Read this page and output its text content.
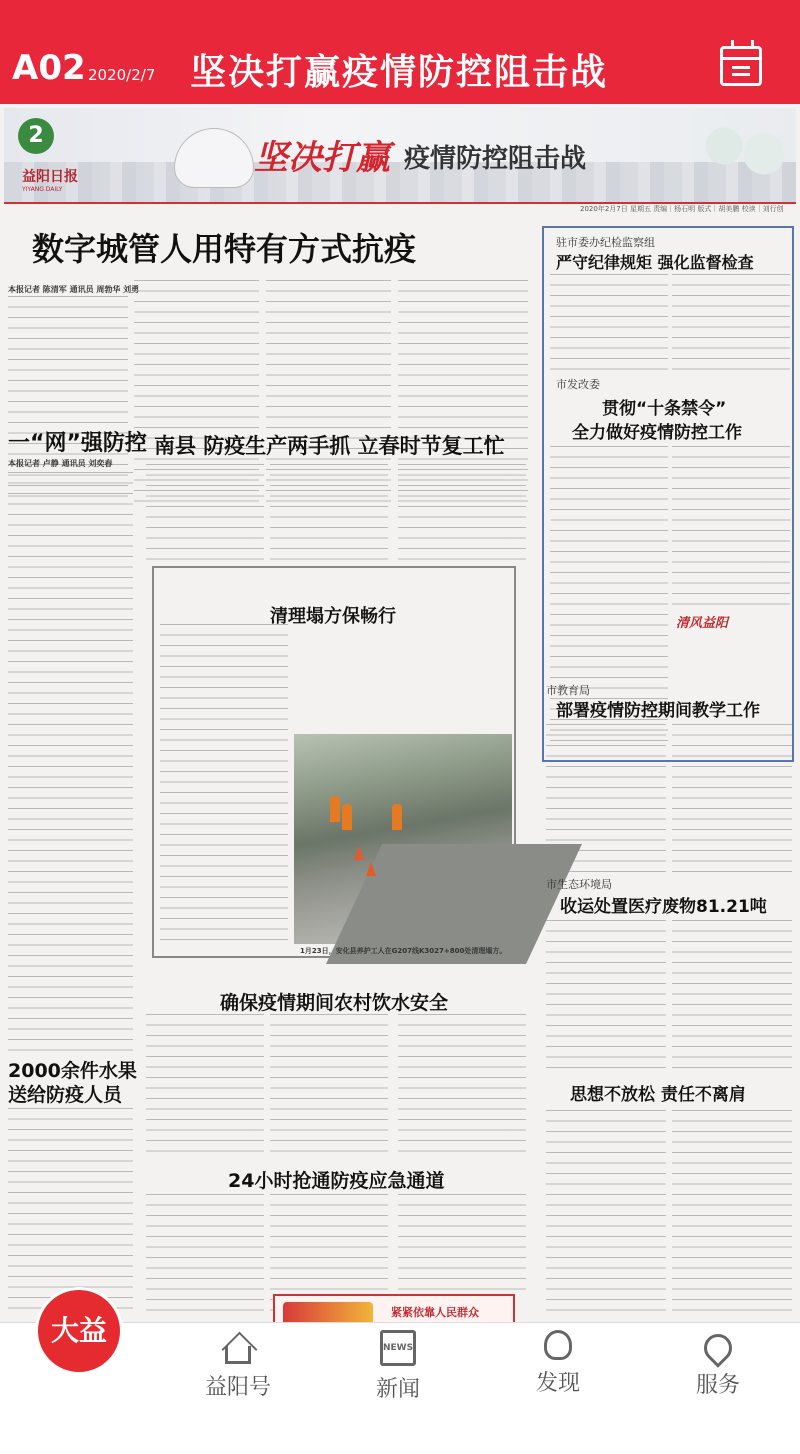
A02 2020/2/7 坚决打赢疫情防控阻击战
2
益阳日报
YIYANG DAILY
坚决打赢 疫情防控阻击战
2020年2月7日 星期五 责编｜杨石明 版式｜胡美鹏 校读｜刘行创
数字城管人用特有方式抗疫
本报记者 陈清军 通讯员 周勃华 刘勇
一“网”强防控
本报记者 卢静 通讯员 刘奕舂
2000余件水果
送给防疫人员
南县 防疫生产两手抓 立春时节复工忙
清理塌方保畅行
1月23日，安化县养护工人在G207线K3027+800处清理塌方。
确保疫情期间农村饮水安全
24小时抢通防疫应急通道
紧紧依靠人民群众
驻市委办纪检监察组
严守纪律规矩 强化监督检查
市发改委
贯彻“十条禁令”
全力做好疫情防控工作
清风益阳
市教育局
部署疫情防控期间教学工作
市生态环境局
收运处置医疗废物81.21吨
思想不放松 责任不离肩
大益阳
益阳号
NEWS
新闻	发现	服务
